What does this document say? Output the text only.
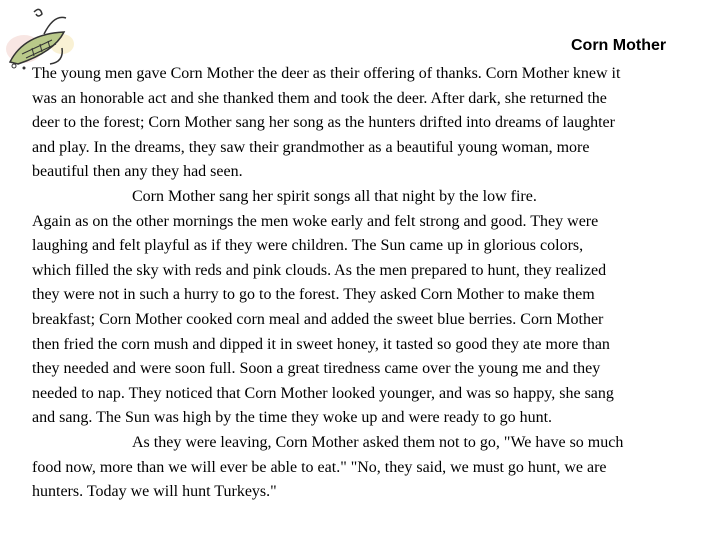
Corn Mother
The young men gave Corn Mother the deer as their offering of thanks. Corn Mother knew it
was an honorable act and she thanked them and took the deer. After dark, she returned the
deer to the forest; Corn Mother sang her song as the hunters drifted into dreams of laughter
and play. In the dreams, they saw their grandmother as a beautiful young woman, more
beautiful then any they had seen.
Corn Mother sang her spirit songs all that night by the low fire.
Again as on the other mornings the men woke early and felt strong and good. They were
laughing and felt playful as if they were children. The Sun came up in glorious colors,
which filled the sky with reds and pink clouds. As the men prepared to hunt, they realized
they were not in such a hurry to go to the forest. They asked Corn Mother to make them
breakfast; Corn Mother cooked corn meal and added the sweet blue berries. Corn Mother
then fried the corn mush and dipped it in sweet honey, it tasted so good they ate more than
they needed and were soon full. Soon a great tiredness came over the young me and they
needed to nap. They noticed that Corn Mother looked younger, and was so happy, she sang
and sang. The Sun was high by the time they woke up and were ready to go hunt.
As they were leaving, Corn Mother asked them not to go, "We have so much
food now, more than we will ever be able to eat." "No, they said, we must go hunt, we are
hunters. Today we will hunt Turkeys."
